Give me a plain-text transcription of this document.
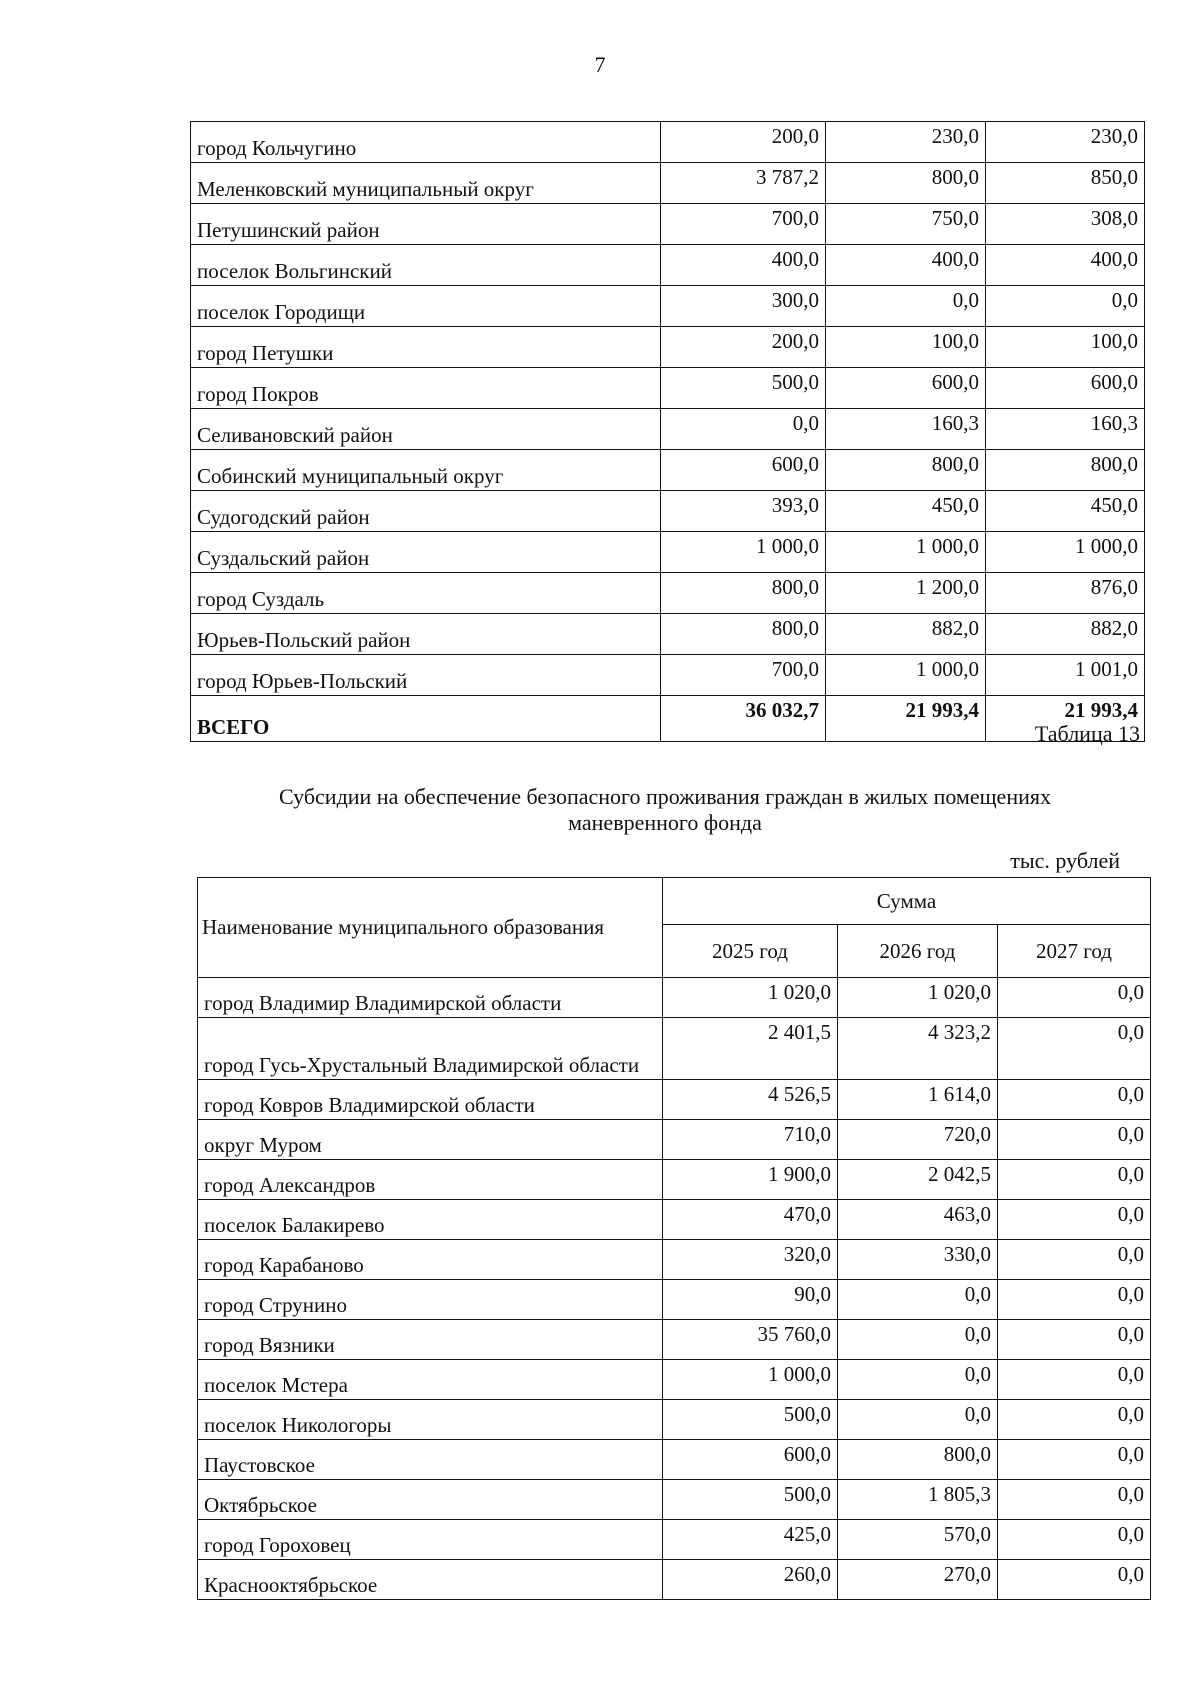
7
город Кольчугино	200,0	230,0	230,0
Меленковский муниципальный округ	3 787,2	800,0	850,0
Петушинский район	700,0	750,0	308,0
поселок Вольгинский	400,0	400,0	400,0
поселок Городищи	300,0	0,0	0,0
город Петушки	200,0	100,0	100,0
город Покров	500,0	600,0	600,0
Селивановский район	0,0	160,3	160,3
Собинский муниципальный округ	600,0	800,0	800,0
Судогодский район	393,0	450,0	450,0
Суздальский район	1 000,0	1 000,0	1 000,0
город Суздаль	800,0	1 200,0	876,0
Юрьев-Польский район	800,0	882,0	882,0
город Юрьев-Польский	700,0	1 000,0	1 001,0
ВСЕГО	36 032,7	21 993,4	21 993,4
Таблица 13
Субсидии на обеспечение безопасного проживания граждан в жилых помещениях
маневренного фонда
тыс. рублей
Наименование муниципального образования	Сумма		
	2025 год	2026 год	2027 год
город Владимир Владимирской области	1 020,0	1 020,0	0,0
город Гусь-Хрустальный Владимирской области	2 401,5	4 323,2	0,0
город Ковров Владимирской области	4 526,5	1 614,0	0,0
округ Муром	710,0	720,0	0,0
город Александров	1 900,0	2 042,5	0,0
поселок Балакирево	470,0	463,0	0,0
город Карабаново	320,0	330,0	0,0
город Струнино	90,0	0,0	0,0
город Вязники	35 760,0	0,0	0,0
поселок Мстера	1 000,0	0,0	0,0
поселок Никологоры	500,0	0,0	0,0
Паустовское	600,0	800,0	0,0
Октябрьское	500,0	1 805,3	0,0
город Гороховец	425,0	570,0	0,0
Краснооктябрьское	260,0	270,0	0,0
